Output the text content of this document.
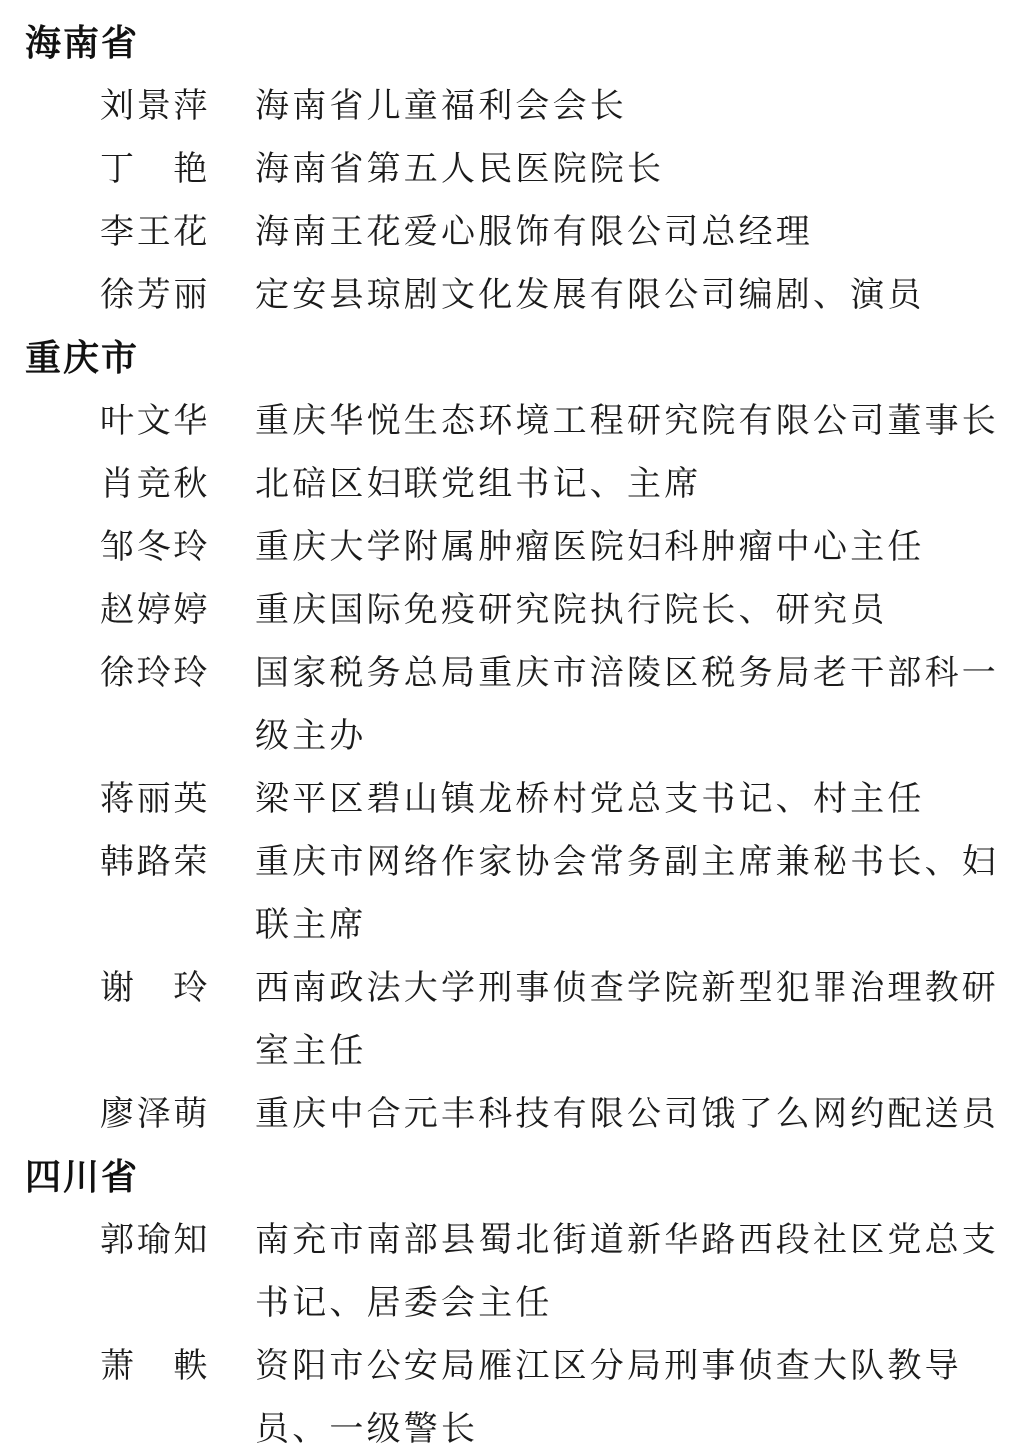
海南省
刘景萍	海南省儿童福利会会长
丁　艳	海南省第五人民医院院长
李王花	海南王花爱心服饰有限公司总经理
徐芳丽	定安县琼剧文化发展有限公司编剧、演员
重庆市
叶文华	重庆华悦生态环境工程研究院有限公司董事长
肖竞秋	北碚区妇联党组书记、主席
邹冬玲	重庆大学附属肿瘤医院妇科肿瘤中心主任
赵婷婷	重庆国际免疫研究院执行院长、研究员
徐玲玲	国家税务总局重庆市涪陵区税务局老干部科一级主办
蒋丽英	梁平区碧山镇龙桥村党总支书记、村主任
韩路荣	重庆市网络作家协会常务副主席兼秘书长、妇联主席
谢　玲	西南政法大学刑事侦查学院新型犯罪治理教研室主任
廖泽萌	重庆中合元丰科技有限公司饿了么网约配送员
四川省
郭瑜知	南充市南部县蜀北街道新华路西段社区党总支书记、居委会主任
萧　軼	资阳市公安局雁江区分局刑事侦查大队教导员、一级警长
